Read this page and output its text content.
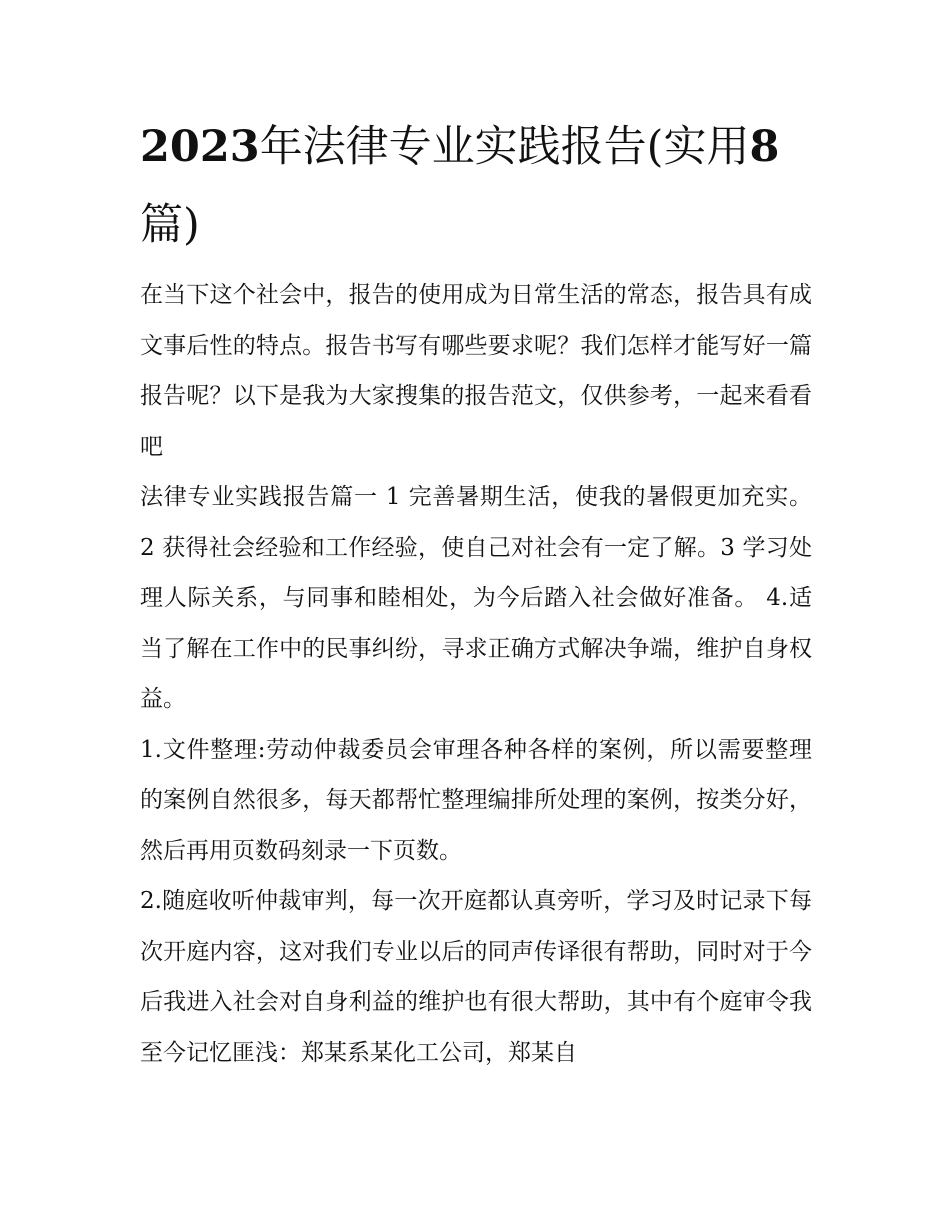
2023年法律专业实践报告(实用8篇)

在当下这个社会中，报告的使用成为日常生活的常态，报告具有成文事后性的特点。报告书写有哪些要求呢？我们怎样才能写好一篇报告呢？以下是我为大家搜集的报告范文，仅供参考，一起来看看吧

法律专业实践报告篇一 1 完善暑期生活，使我的暑假更加充实。 2 获得社会经验和工作经验，使自己对社会有一定了解。3 学习处理人际关系，与同事和睦相处，为今后踏入社会做好准备。 4.适当了解在工作中的民事纠纷，寻求正确方式解决争端，维护自身权益。

1.文件整理:劳动仲裁委员会审理各种各样的案例，所以需要整理的案例自然很多，每天都帮忙整理编排所处理的案例，按类分好，然后再用页数码刻录一下页数。

2.随庭收听仲裁审判，每一次开庭都认真旁听，学习及时记录下每次开庭内容，这对我们专业以后的同声传译很有帮助，同时对于今后我进入社会对自身利益的维护也有很大帮助，其中有个庭审令我至今记忆匪浅：郑某系某化工公司，郑某自
